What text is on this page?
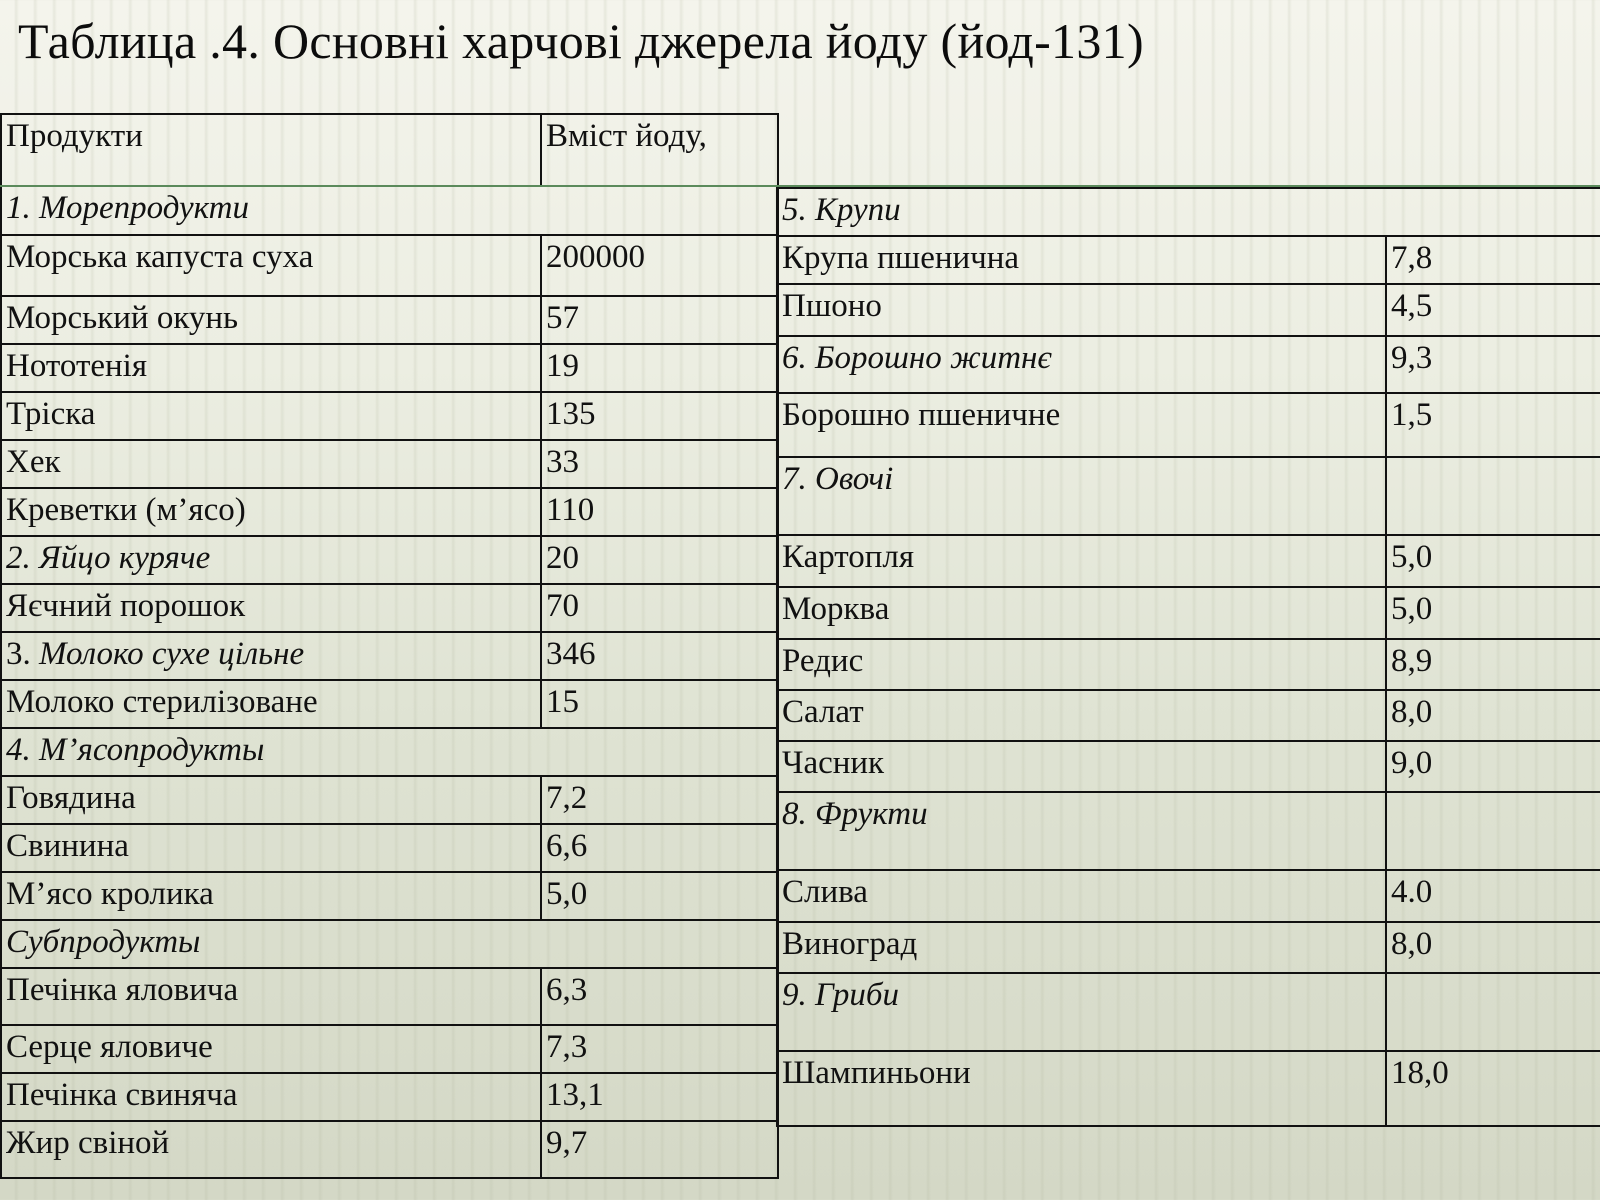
Таблица .4. Основні харчові джерела йоду (йод-131)
Продукти	Вміст йоду,
1. Морепродукти	
Морська капуста суха	200000
Морський окунь	57
Нототенія	19
Тріска	135
Хек	33
Креветки (м’ясо)	110
2. Яйцо куряче	20
Яєчний порошок	70
3. Молоко сухе цільне	346
Молоко стерилізоване	15
4. М’ясопродукты	
Говядина	7,2
Свинина	6,6
М’ясо кролика	5,0
Субпродукты	
Печінка яловича	6,3
Серце яловиче	7,3
Печінка свиняча	13,1
Жир свіной	9,7
5. Крупи	
Крупа пшенична	7,8
Пшоно	4,5
6. Борошно житнє	9,3
Борошно пшеничне	1,5
7. Овочі	
Картопля	5,0
Морква	5,0
Редис	8,9
Салат	8,0
Часник	9,0
8. Фрукти	
Слива	4.0
Виноград	8,0
9. Гриби	
Шампиньони	18,0
